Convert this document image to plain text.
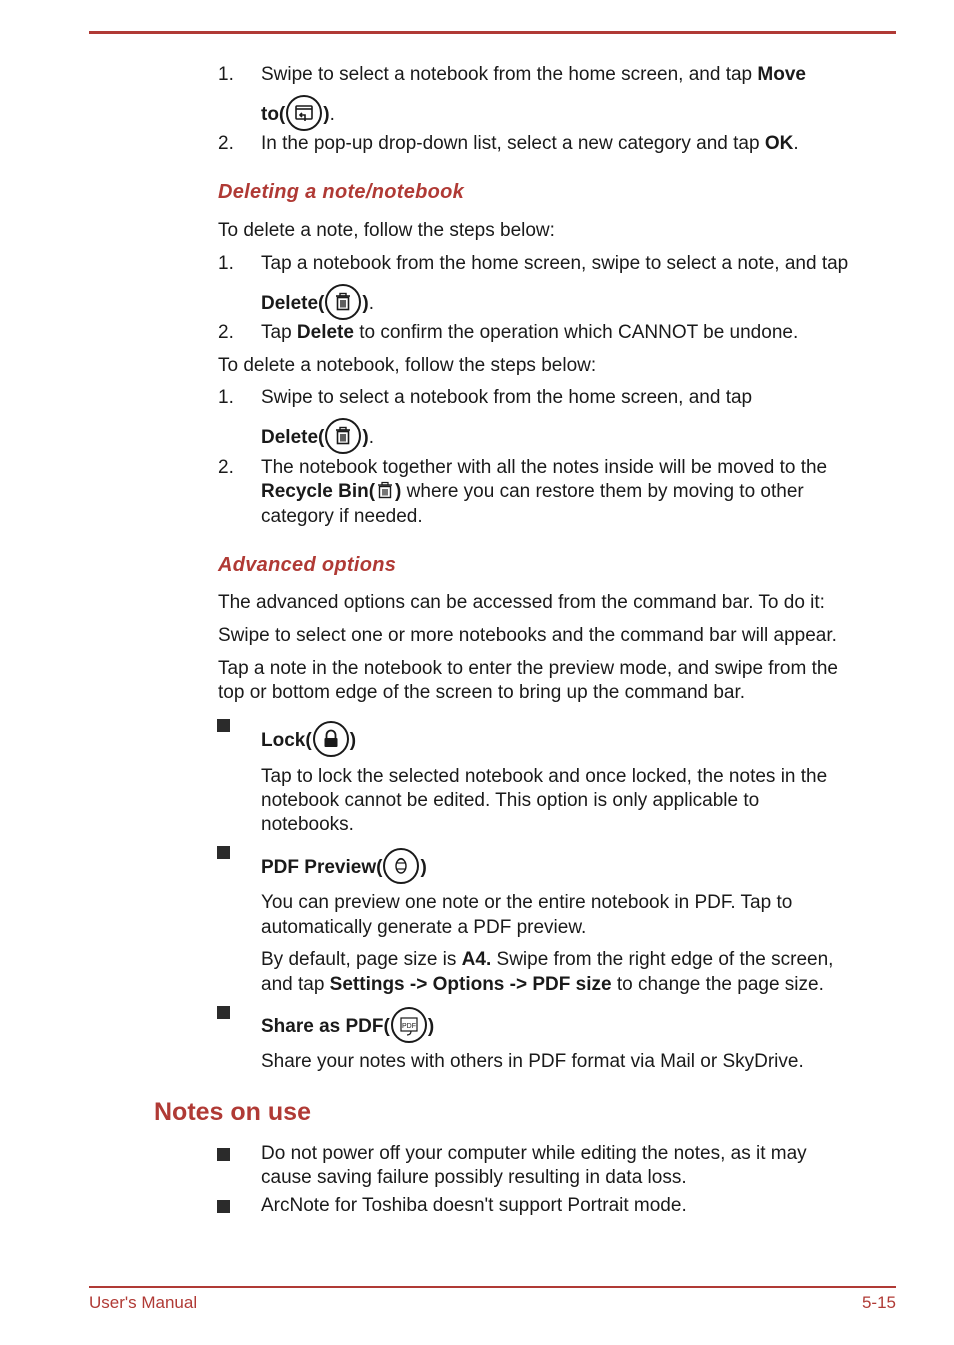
1. Swipe to select a notebook from the home screen, and tap Move
to( ).
2. In the pop-up drop-down list, select a new category and tap OK.
Deleting a note/notebook
To delete a note, follow the steps below:
1. Tap a notebook from the home screen, swipe to select a note, and tap
Delete( ).
2. Tap Delete to confirm the operation which CANNOT be undone.
To delete a notebook, follow the steps below:
1. Swipe to select a notebook from the home screen, and tap
Delete( ).
2. The notebook together with all the notes inside will be moved to the
Recycle Bin( ) where you can restore them by moving to other
category if needed.
Advanced options
The advanced options can be accessed from the command bar. To do it:
Swipe to select one or more notebooks and the command bar will appear.
Tap a note in the notebook to enter the preview mode, and swipe from the
top or bottom edge of the screen to bring up the command bar.
Lock( )
Tap to lock the selected notebook and once locked, the notes in the
notebook cannot be edited. This option is only applicable to
notebooks.
PDF Preview( )
You can preview one note or the entire notebook in PDF. Tap to
automatically generate a PDF preview.
By default, page size is A4. Swipe from the right edge of the screen,
and tap Settings -> Options -> PDF size to change the page size.
Share as PDF( PDF )
Share your notes with others in PDF format via Mail or SkyDrive.
Notes on use
Do not power off your computer while editing the notes, as it may
cause saving failure possibly resulting in data loss.
ArcNote for Toshiba doesn't support Portrait mode.
User's Manual	5-15
